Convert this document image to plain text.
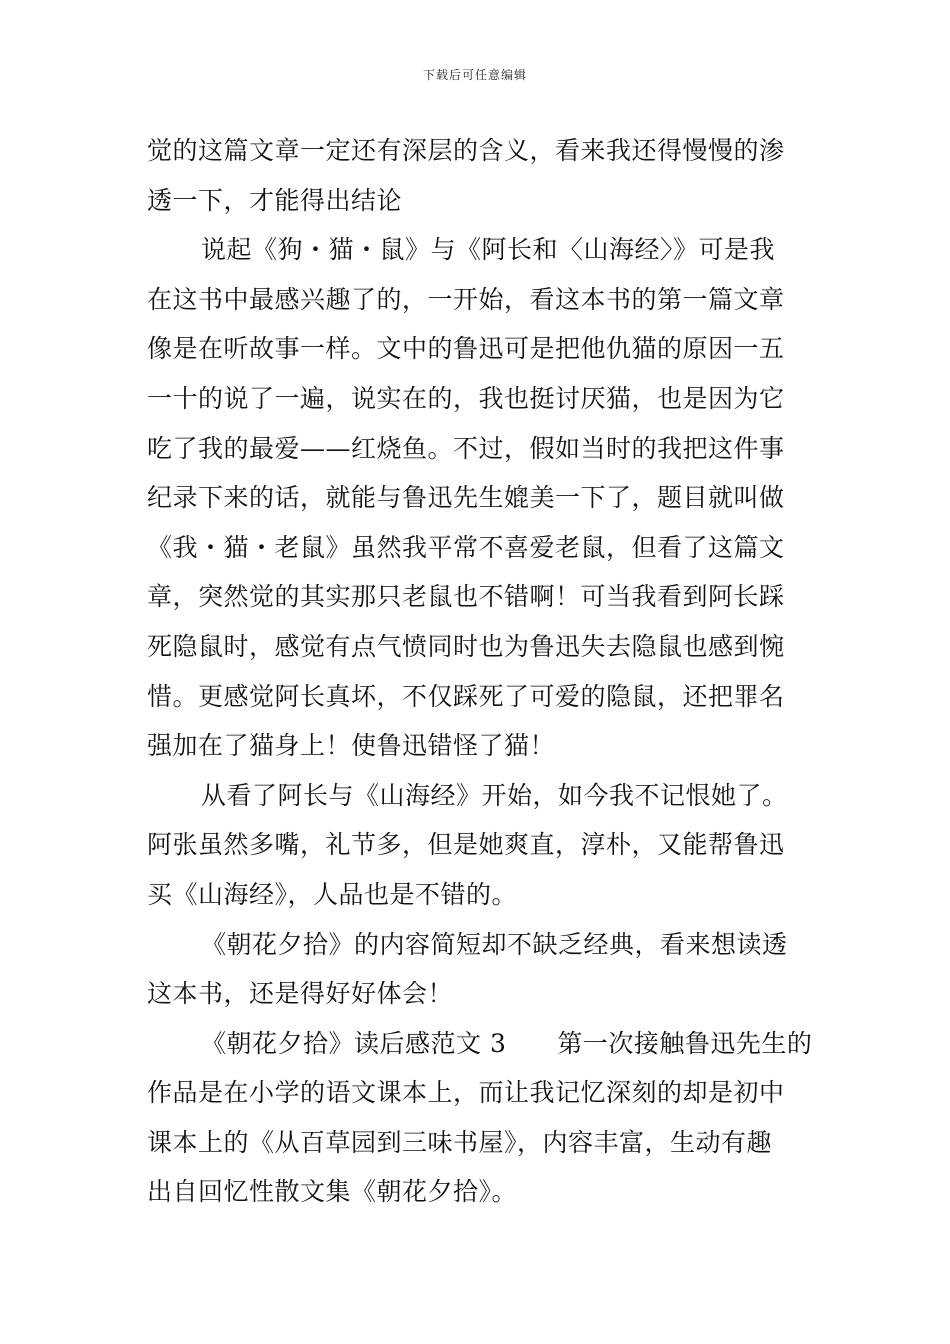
下载后可任意编辑
觉的这篇文章一定还有深层的含义，看来我还得慢慢的渗
透一下，才能得出结论
说起《狗・猫・鼠》与《阿长和〈山海经〉》可是我
在这书中最感兴趣了的，一开始，看这本书的第一篇文章
像是在听故事一样。文中的鲁迅可是把他仇猫的原因一五
一十的说了一遍，说实在的，我也挺讨厌猫，也是因为它
吃了我的最爱——红烧鱼。不过，假如当时的我把这件事
纪录下来的话，就能与鲁迅先生媲美一下了，题目就叫做
《我・猫・老鼠》虽然我平常不喜爱老鼠，但看了这篇文
章，突然觉的其实那只老鼠也不错啊！可当我看到阿长踩
死隐鼠时，感觉有点气愤同时也为鲁迅失去隐鼠也感到惋
惜。更感觉阿长真坏，不仅踩死了可爱的隐鼠，还把罪名
强加在了猫身上！使鲁迅错怪了猫！
从看了阿长与《山海经》开始，如今我不记恨她了。
阿张虽然多嘴，礼节多，但是她爽直，淳朴，又能帮鲁迅
买《山海经》，人品也是不错的。
《朝花夕拾》的内容简短却不缺乏经典，看来想读透
这本书，还是得好好体会！
《朝花夕拾》读后感范文 3　　第一次接触鲁迅先生的
作品是在小学的语文课本上，而让我记忆深刻的却是初中
课本上的《从百草园到三味书屋》，内容丰富，生动有趣
出自回忆性散文集《朝花夕拾》。
